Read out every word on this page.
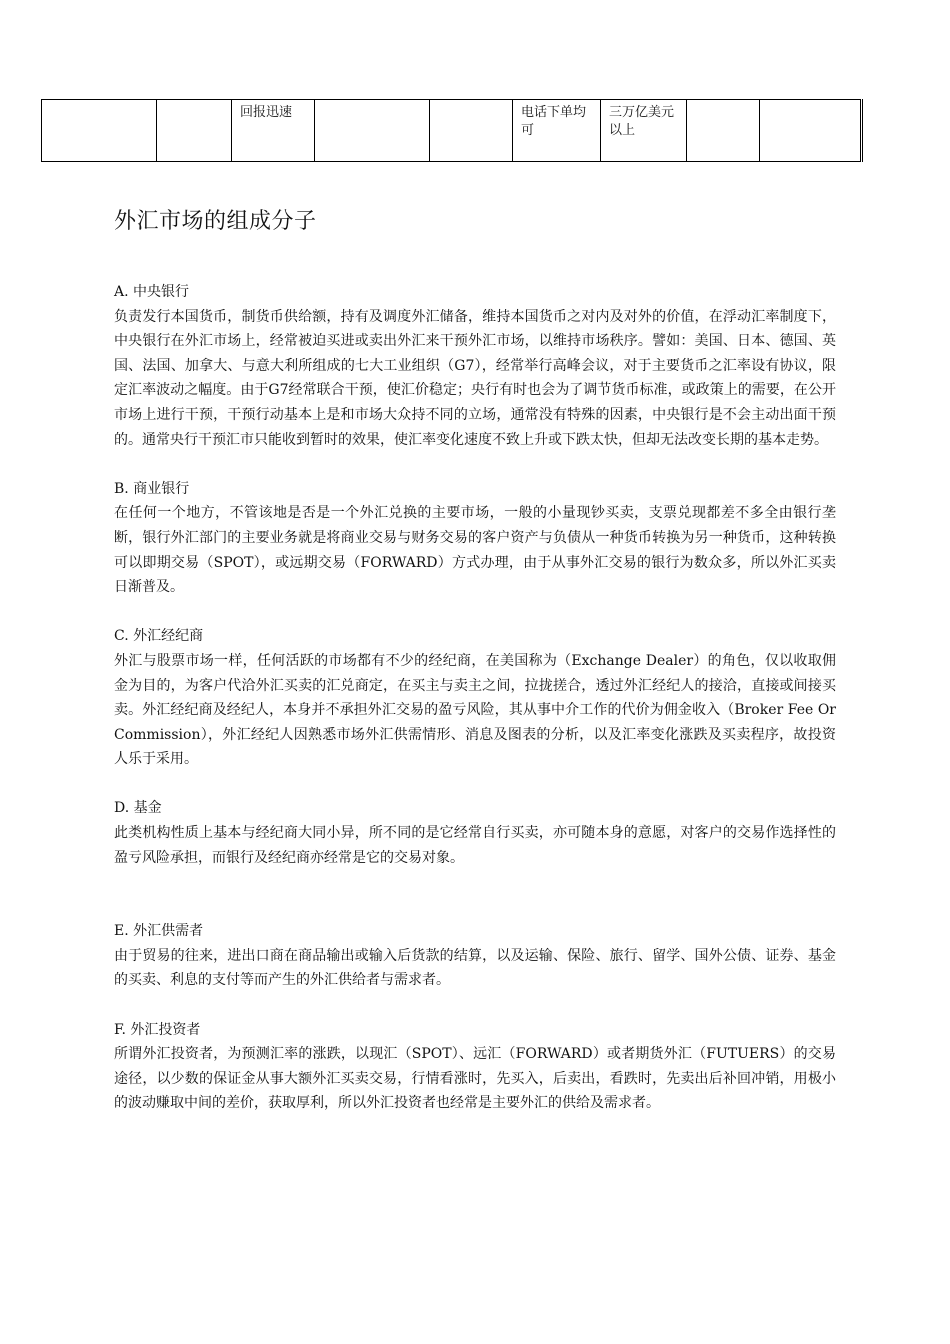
		回报迅速			电话下单均可	三万亿美元以上		
外汇市场的组成分子
A. 中央银行

负责发行本国货币，制货币供给额，持有及调度外汇储备，维持本国货币之对内及对外的价值，在浮动汇率制度下，中央银行在外汇市场上，经常被迫买进或卖出外汇来干预外汇市场，以维持市场秩序。譬如：美国、日本、德国、英国、法国、加拿大、与意大利所组成的七大工业组织（G7），经常举行高峰会议，对于主要货币之汇率设有协议，限定汇率波动之幅度。由于G7经常联合干预，使汇价稳定；央行有时也会为了调节货币标准，或政策上的需要，在公开市场上进行干预，干预行动基本上是和市场大众持不同的立场，通常没有特殊的因素，中央银行是不会主动出面干预的。通常央行干预汇市只能收到暂时的效果，使汇率变化速度不致上升或下跌太快，但却无法改变长期的基本走势。

B. 商业银行

在任何一个地方，不管该地是否是一个外汇兑换的主要市场，一般的小量现钞买卖，支票兑现都差不多全由银行垄断，银行外汇部门的主要业务就是将商业交易与财务交易的客户资产与负债从一种货币转换为另一种货币，这种转换可以即期交易（SPOT），或远期交易（FORWARD）方式办理，由于从事外汇交易的银行为数众多，所以外汇买卖日渐普及。

C. 外汇经纪商

外汇与股票市场一样，任何活跃的市场都有不少的经纪商，在美国称为（Exchange Dealer）的角色，仅以收取佣金为目的，为客户代洽外汇买卖的汇兑商定，在买主与卖主之间，拉拢搓合，透过外汇经纪人的接洽，直接或间接买卖。外汇经纪商及经纪人，本身并不承担外汇交易的盈亏风险，其从事中介工作的代价为佣金收入（Broker Fee Or Commission），外汇经纪人因熟悉市场外汇供需情形、消息及图表的分析，以及汇率变化涨跌及买卖程序，故投资人乐于采用。

D. 基金

此类机构性质上基本与经纪商大同小异，所不同的是它经常自行买卖，亦可随本身的意愿，对客户的交易作选择性的盈亏风险承担，而银行及经纪商亦经常是它的交易对象。

E. 外汇供需者

由于贸易的往来，进出口商在商品输出或输入后货款的结算，以及运输、保险、旅行、留学、国外公债、证券、基金的买卖、利息的支付等而产生的外汇供给者与需求者。

F. 外汇投资者

所谓外汇投资者，为预测汇率的涨跌，以现汇（SPOT）、远汇（FORWARD）或者期货外汇（FUTUERS）的交易途径，以少数的保证金从事大额外汇买卖交易，行情看涨时，先买入，后卖出，看跌时，先卖出后补回冲销，用极小的波动赚取中间的差价，获取厚利，所以外汇投资者也经常是主要外汇的供给及需求者。
